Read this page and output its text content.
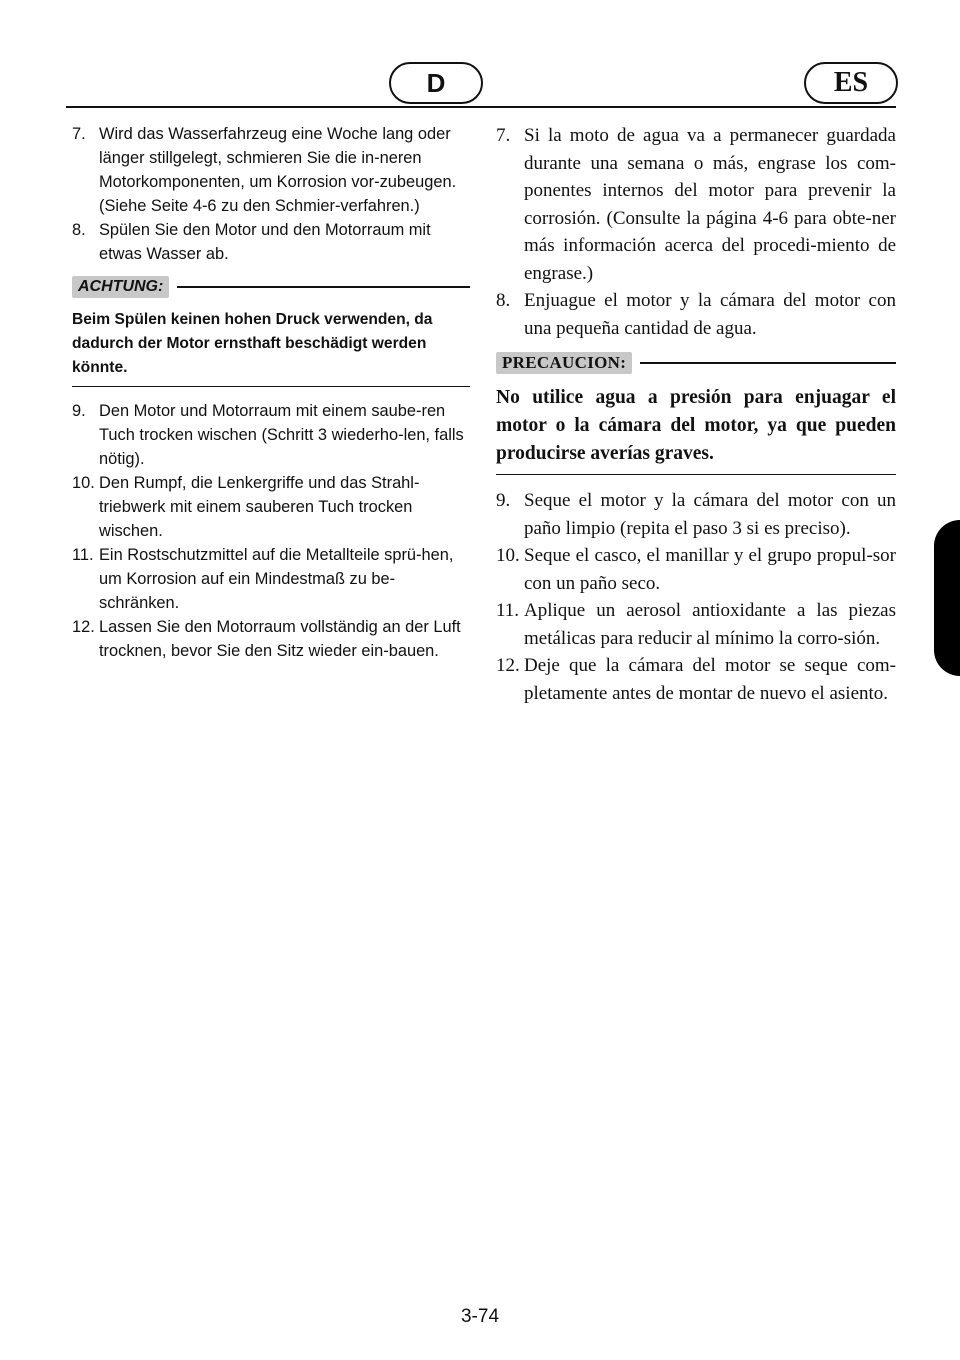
D	ES
7. Wird das Wasserfahrzeug eine Woche lang oder länger stillgelegt, schmieren Sie die in-neren Motorkomponenten, um Korrosion vor-zubeugen. (Siehe Seite 4-6 zu den Schmier-verfahren.)
8. Spülen Sie den Motor und den Motorraum mit etwas Wasser ab.
ACHTUNG:
Beim Spülen keinen hohen Druck verwenden, da dadurch der Motor ernsthaft beschädigt werden könnte.
9. Den Motor und Motorraum mit einem saube-ren Tuch trocken wischen (Schritt 3 wiederho-len, falls nötig).
10. Den Rumpf, die Lenkergriffe und das Strahl-triebwerk mit einem sauberen Tuch trocken wischen.
11. Ein Rostschutzmittel auf die Metallteile sprü-hen, um Korrosion auf ein Mindestmaß zu be-schränken.
12. Lassen Sie den Motorraum vollständig an der Luft trocknen, bevor Sie den Sitz wieder ein-bauen.
7. Si la moto de agua va a permanecer guardada durante una semana o más, engrase los com-ponentes internos del motor para prevenir la corrosión. (Consulte la página 4-6 para obte-ner más información acerca del procedi-miento de engrase.)
8. Enjuague el motor y la cámara del motor con una pequeña cantidad de agua.
PRECAUCION:
No utilice agua a presión para enjuagar el motor o la cámara del motor, ya que pueden producirse averías graves.
9. Seque el motor y la cámara del motor con un paño limpio (repita el paso 3 si es preciso).
10. Seque el casco, el manillar y el grupo propul-sor con un paño seco.
11. Aplique un aerosol antioxidante a las piezas metálicas para reducir al mínimo la corro-sión.
12. Deje que la cámara del motor se seque com-pletamente antes de montar de nuevo el asiento.
3-74
